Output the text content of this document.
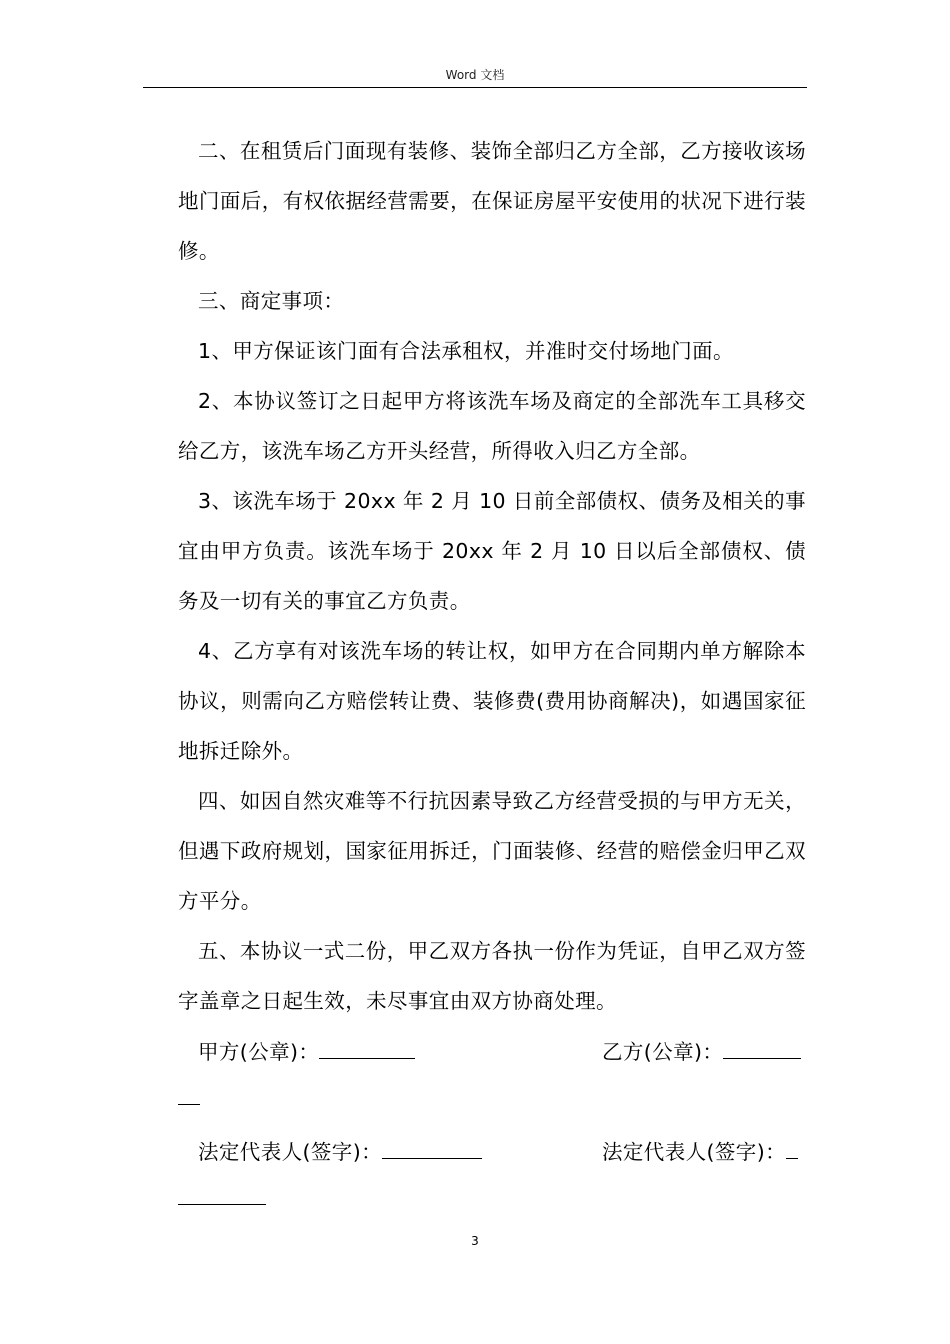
Word 文档

二、在租赁后门面现有装修、装饰全部归乙方全部，乙方接收该场地门面后，有权依据经营需要，在保证房屋平安使用的状况下进行装修。

三、商定事项：

1、甲方保证该门面有合法承租权，并准时交付场地门面。

2、本协议签订之日起甲方将该洗车场及商定的全部洗车工具移交给乙方，该洗车场乙方开头经营，所得收入归乙方全部。

3、该洗车场于 20xx 年 2 月 10 日前全部债权、债务及相关的事宜由甲方负责。该洗车场于 20xx 年 2 月 10 日以后全部债权、债务及一切有关的事宜乙方负责。

4、乙方享有对该洗车场的转让权，如甲方在合同期内单方解除本协议，则需向乙方赔偿转让费、装修费(费用协商解决)，如遇国家征地拆迁除外。

四、如因自然灾难等不行抗因素导致乙方经营受损的与甲方无关，但遇下政府规划，国家征用拆迁，门面装修、经营的赔偿金归甲乙双方平分。

五、本协议一式二份，甲乙双方各执一份作为凭证，自甲乙双方签字盖章之日起生效，未尽事宜由双方协商处理。

甲方(公章)：	乙方(公章)：
法定代表人(签字)：	法定代表人(签字)：
3
